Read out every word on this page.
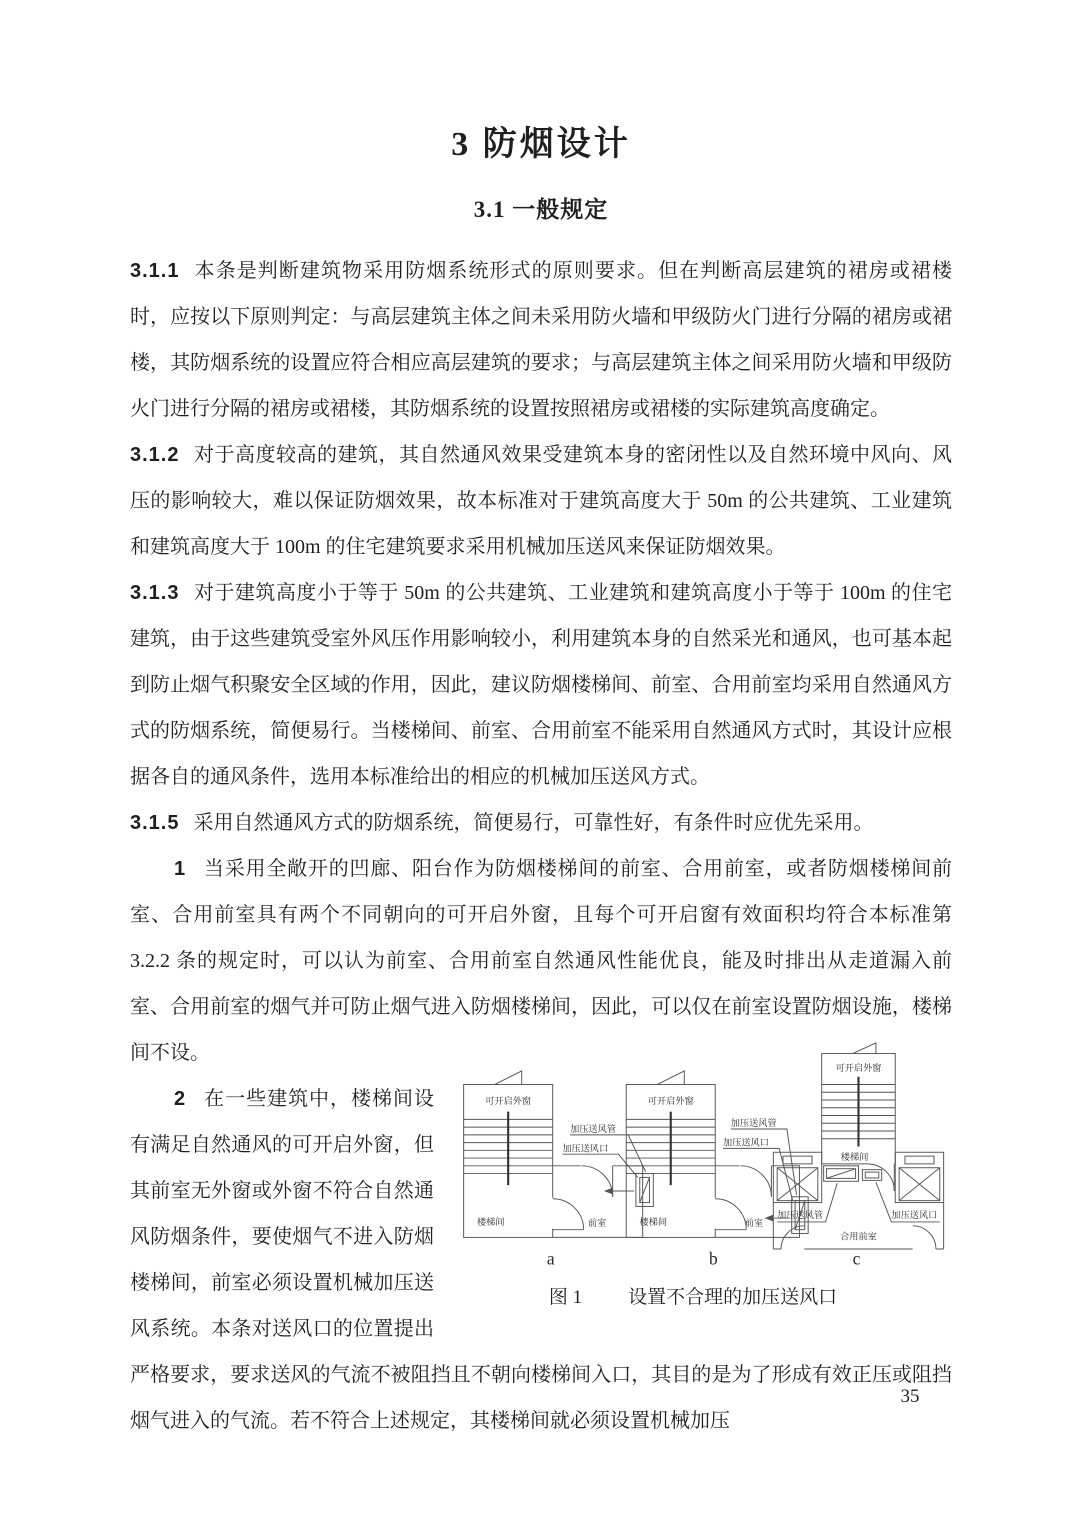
3 防烟设计
3.1 一般规定

3.1.1 本条是判断建筑物采用防烟系统形式的原则要求。但在判断高层建筑的裙房或裙楼时，应按以下原则判定：与高层建筑主体之间未采用防火墙和甲级防火门进行分隔的裙房或裙楼，其防烟系统的设置应符合相应高层建筑的要求；与高层建筑主体之间采用防火墙和甲级防火门进行分隔的裙房或裙楼，其防烟系统的设置按照裙房或裙楼的实际建筑高度确定。

3.1.2 对于高度较高的建筑，其自然通风效果受建筑本身的密闭性以及自然环境中风向、风压的影响较大，难以保证防烟效果，故本标准对于建筑高度大于 50m 的公共建筑、工业建筑和建筑高度大于 100m 的住宅建筑要求采用机械加压送风来保证防烟效果。

3.1.3 对于建筑高度小于等于 50m 的公共建筑、工业建筑和建筑高度小于等于 100m 的住宅建筑，由于这些建筑受室外风压作用影响较小，利用建筑本身的自然采光和通风，也可基本起到防止烟气积聚安全区域的作用，因此，建议防烟楼梯间、前室、合用前室均采用自然通风方式的防烟系统，简便易行。当楼梯间、前室、合用前室不能采用自然通风方式时，其设计应根据各自的通风条件，选用本标准给出的相应的机械加压送风方式。

3.1.5 采用自然通风方式的防烟系统，简便易行，可靠性好，有条件时应优先采用。

1 当采用全敞开的凹廊、阳台作为防烟楼梯间的前室、合用前室，或者防烟楼梯间前室、合用前室具有两个不同朝向的可开启外窗，且每个可开启窗有效面积均符合本标准第 3.2.2 条的规定时，可以认为前室、合用前室自然通风性能优良，能及时排出从走道漏入前室、合用前室的烟气并可防止烟气进入防烟楼梯间，因此，可以仅在前室设置防烟设施，楼梯间不设。

可开启外窗
楼梯间	前室
加压送风管
加压送风口
a
可开启外窗
楼梯间	前室
加压送风管
加压送风口
b
可开启外窗
楼梯间
加压送风管	加压送风口
合用前室
c
图 1 设置不合理的加压送风口

2 在一些建筑中，楼梯间设有满足自然通风的可开启外窗，但其前室无外窗或外窗不符合自然通风防烟条件，要使烟气不进入防烟楼梯间，前室必须设置机械加压送风系统。本条对送风口的位置提出严格要求，要求送风的气流不被阻挡且不朝向楼梯间入口，其目的是为了形成有效正压或阻挡烟气进入的气流。若不符合上述规定，其楼梯间就必须设置机械加压

35
